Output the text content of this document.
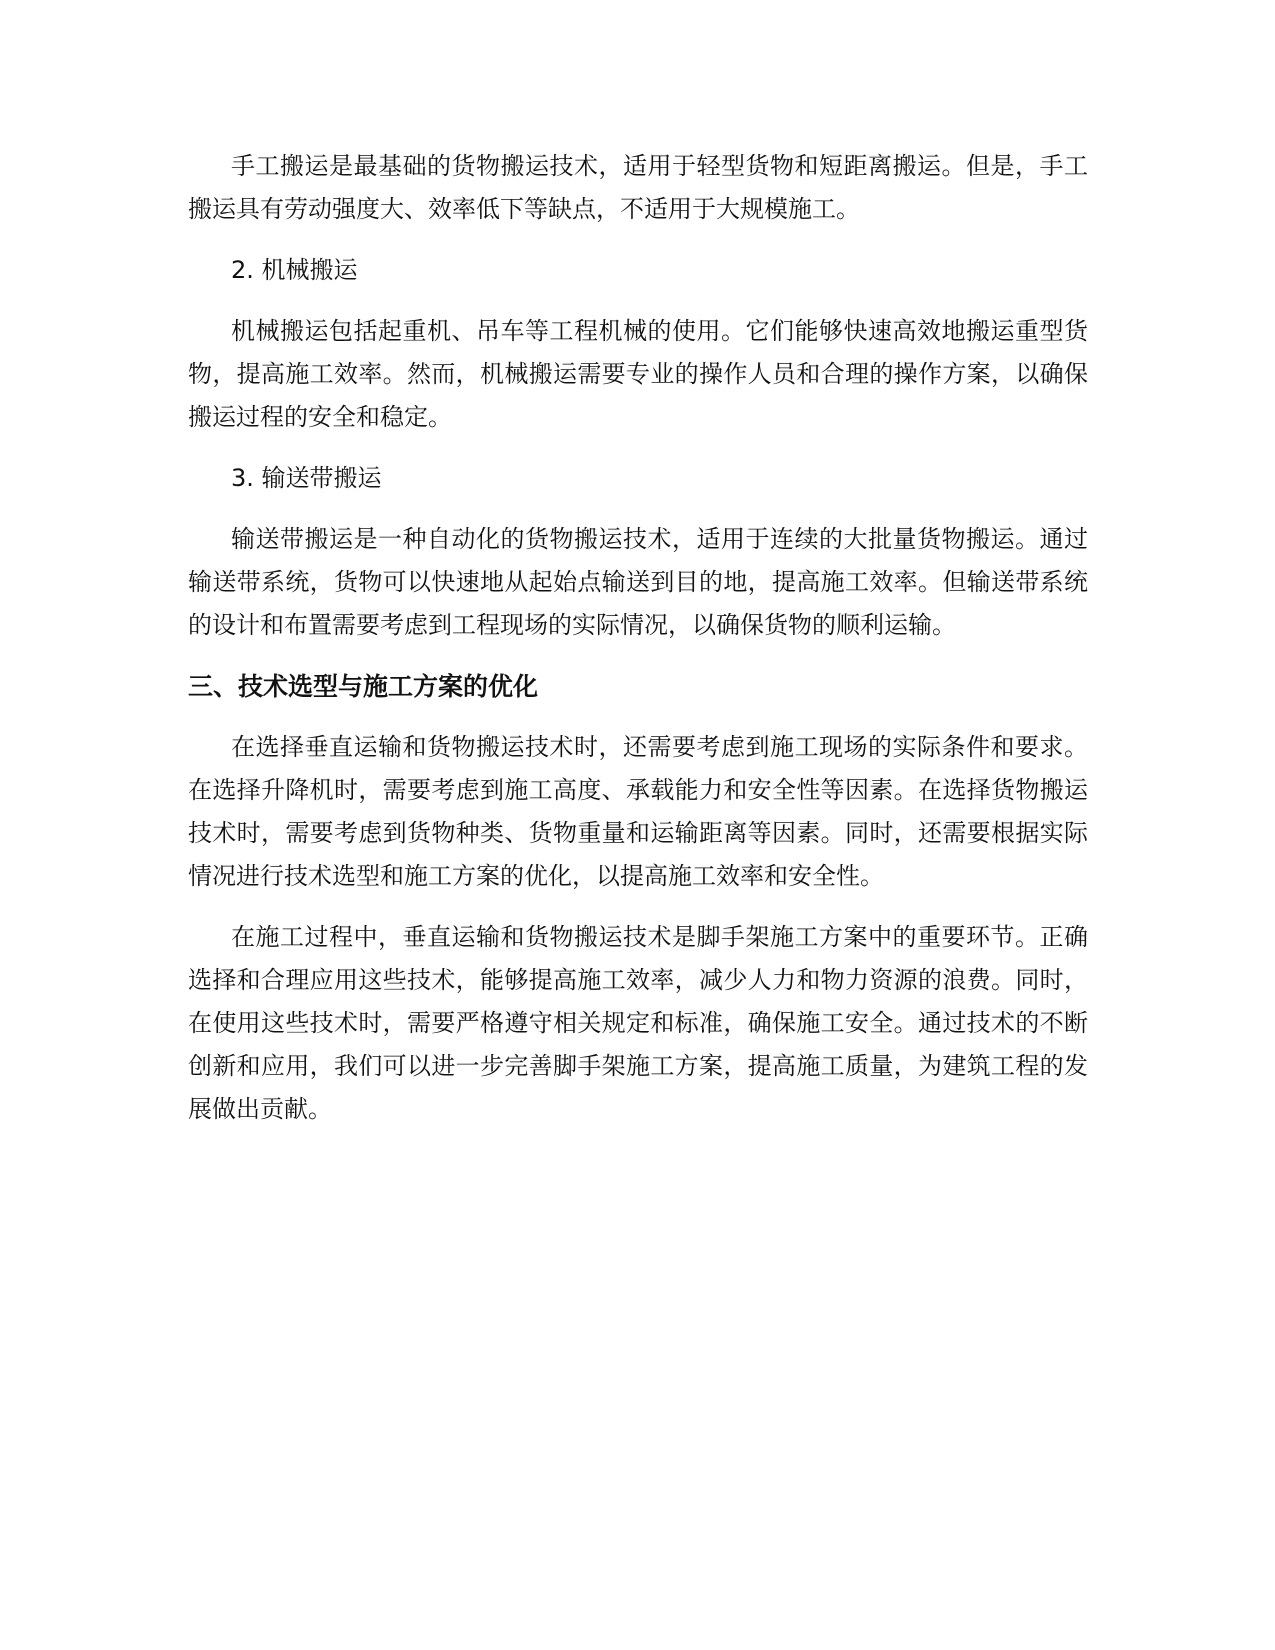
手工搬运是最基础的货物搬运技术，适用于轻型货物和短距离搬运。但是，手工搬运具有劳动强度大、效率低下等缺点，不适用于大规模施工。

2. 机械搬运

机械搬运包括起重机、吊车等工程机械的使用。它们能够快速高效地搬运重型货物，提高施工效率。然而，机械搬运需要专业的操作人员和合理的操作方案，以确保搬运过程的安全和稳定。

3. 输送带搬运

输送带搬运是一种自动化的货物搬运技术，适用于连续的大批量货物搬运。通过输送带系统，货物可以快速地从起始点输送到目的地，提高施工效率。但输送带系统的设计和布置需要考虑到工程现场的实际情况，以确保货物的顺利运输。

三、技术选型与施工方案的优化

在选择垂直运输和货物搬运技术时，还需要考虑到施工现场的实际条件和要求。在选择升降机时，需要考虑到施工高度、承载能力和安全性等因素。在选择货物搬运技术时，需要考虑到货物种类、货物重量和运输距离等因素。同时，还需要根据实际情况进行技术选型和施工方案的优化，以提高施工效率和安全性。

在施工过程中，垂直运输和货物搬运技术是脚手架施工方案中的重要环节。正确选择和合理应用这些技术，能够提高施工效率，减少人力和物力资源的浪费。同时，在使用这些技术时，需要严格遵守相关规定和标准，确保施工安全。通过技术的不断创新和应用，我们可以进一步完善脚手架施工方案，提高施工质量，为建筑工程的发展做出贡献。
